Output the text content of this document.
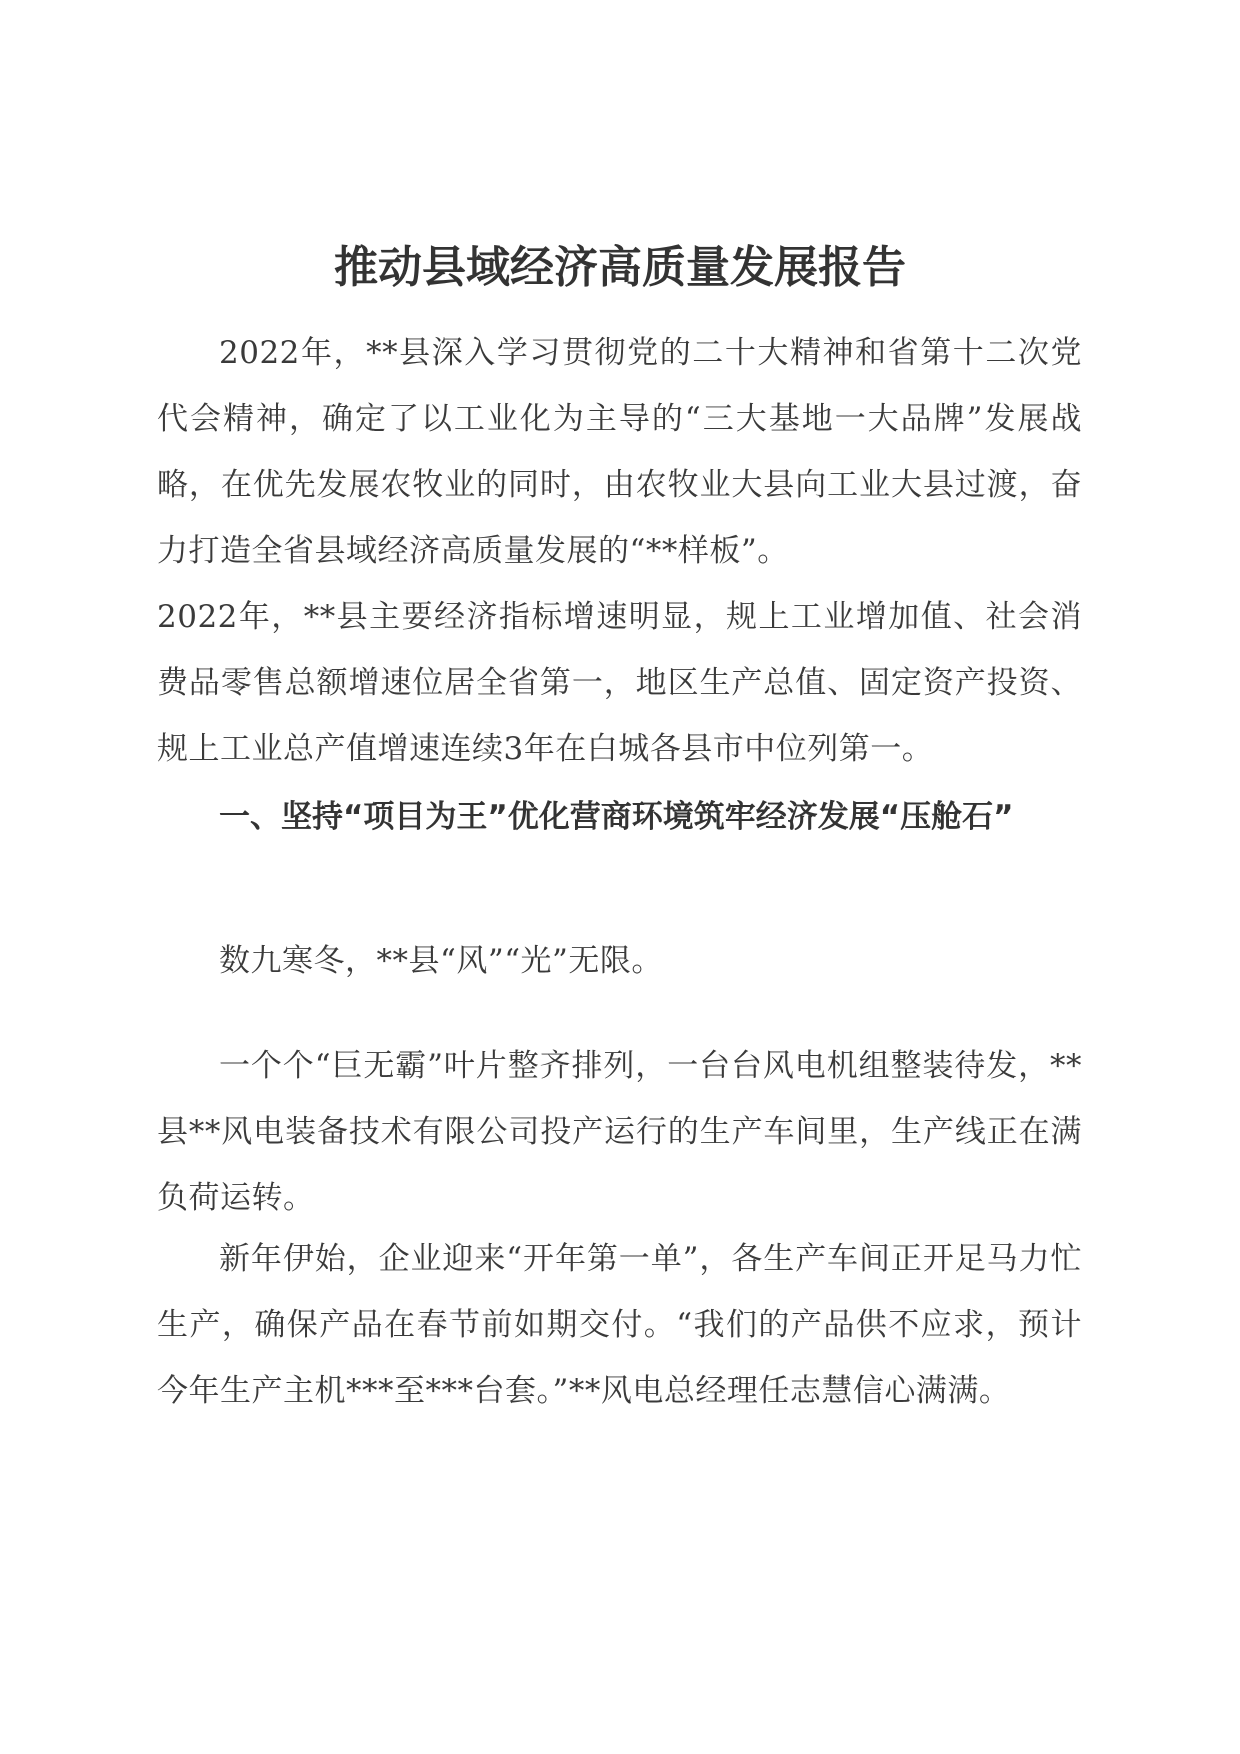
推动县域经济高质量发展报告

2022年，**县深入学习贯彻党的二十大精神和省第十二次党代会精神，确定了以工业化为主导的“三大基地一大品牌”发展战略，在优先发展农牧业的同时，由农牧业大县向工业大县过渡，奋力打造全省县域经济高质量发展的“**样板”。

2022年，**县主要经济指标增速明显，规上工业增加值、社会消费品零售总额增速位居全省第一，地区生产总值、固定资产投资、规上工业总产值增速连续3年在白城各县市中位列第一。

一、坚持“项目为王”优化营商环境筑牢经济发展“压舱石”

数九寒冬，**县“风”“光”无限。

一个个“巨无霸”叶片整齐排列，一台台风电机组整装待发，**县**风电装备技术有限公司投产运行的生产车间里，生产线正在满负荷运转。

新年伊始，企业迎来“开年第一单”，各生产车间正开足马力忙生产，确保产品在春节前如期交付。“我们的产品供不应求，预计今年生产主机***至***台套。”**风电总经理任志慧信心满满。
